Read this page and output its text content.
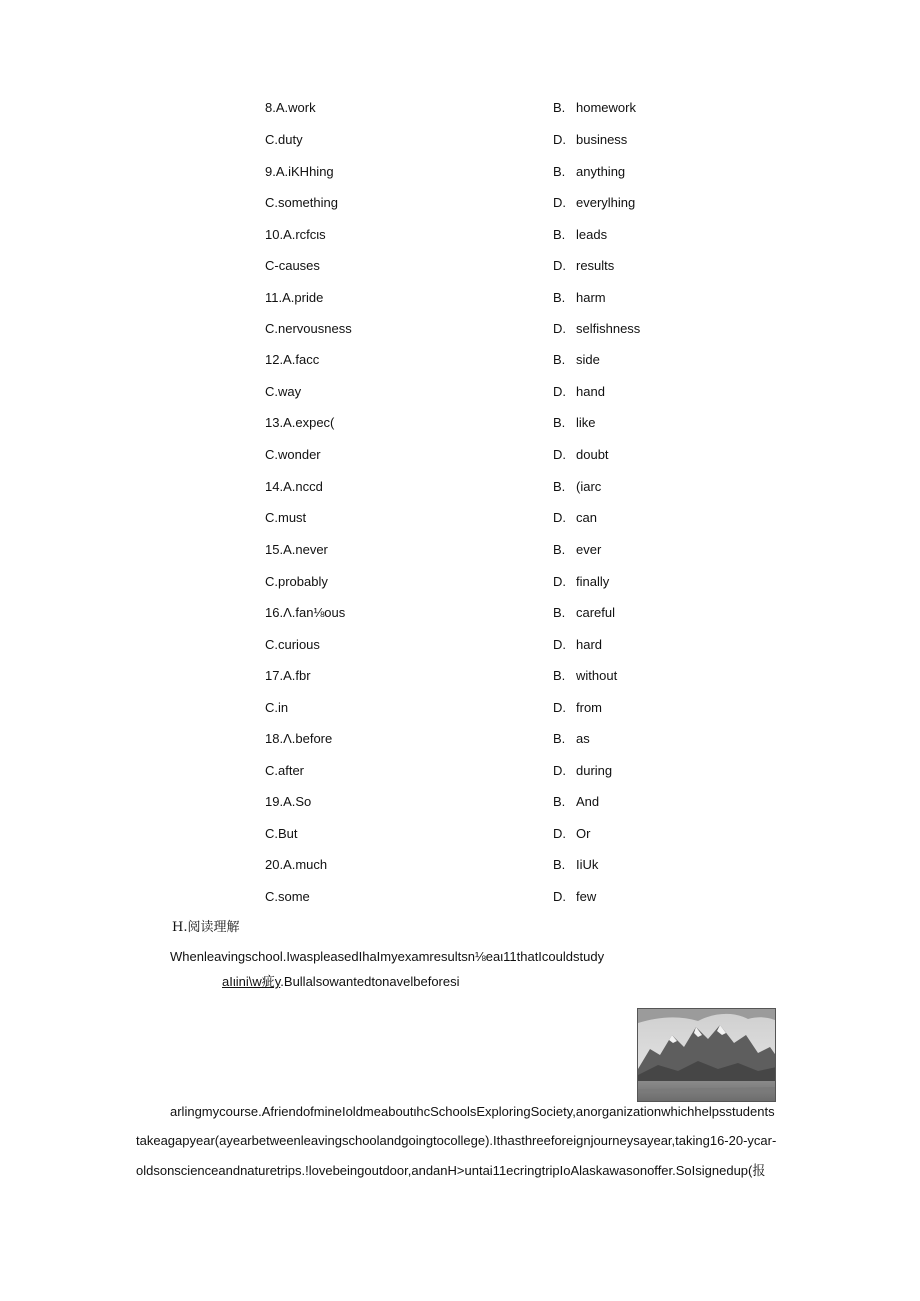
8.A.work	B. homework
C.duty	D. business
9.A.iKHhing	B. anything
C.something	D. everylhing
10.A.rcfcιs	B. leads
C-causes	D. results
11.A.pride	B. harm
C.nervousness	D. selfishness
12.A.facc	B. side
C.way	D. hand
13.A.expec(	B. like
C.wonder	D. doubt
14.A.nccd	B. (iarc
C.must	D. can
15.A.never	B. ever
C.probably	D. finally
16.Λ.fan⅛ous	B. careful
C.curious	D. hard
17.A.fbr	B. without
C.in	D. from
18.Λ.before	B. as
C.after	D. during
19.A.So	B. And
C.But	D. Or
20.A.much	B. IiUk
C.some	D. few
H.阅读理解
Whenleavingschool.IwaspleasedIhaImyexamresultsn⅛eaι11thatIcouldstudy
aIιini\w疵y.Bullalsowantedtonavelbeforesi
arlingmycourse.AfriendofmineIoldmeaboutιhcSchoolsExploringSociety,anorganizationwhichhelpsstudents
takeagapyear(ayearbetweenleavingschoolandgoingtocollege).Ithasthreeforeignjourneysayear,taking16-20-ycar-
oldsonscienceandnaturetrips.!lovebeingoutdoor,andanH>untai11ecringtripIoAlaskawasonoffer.SoIsignedup(报
